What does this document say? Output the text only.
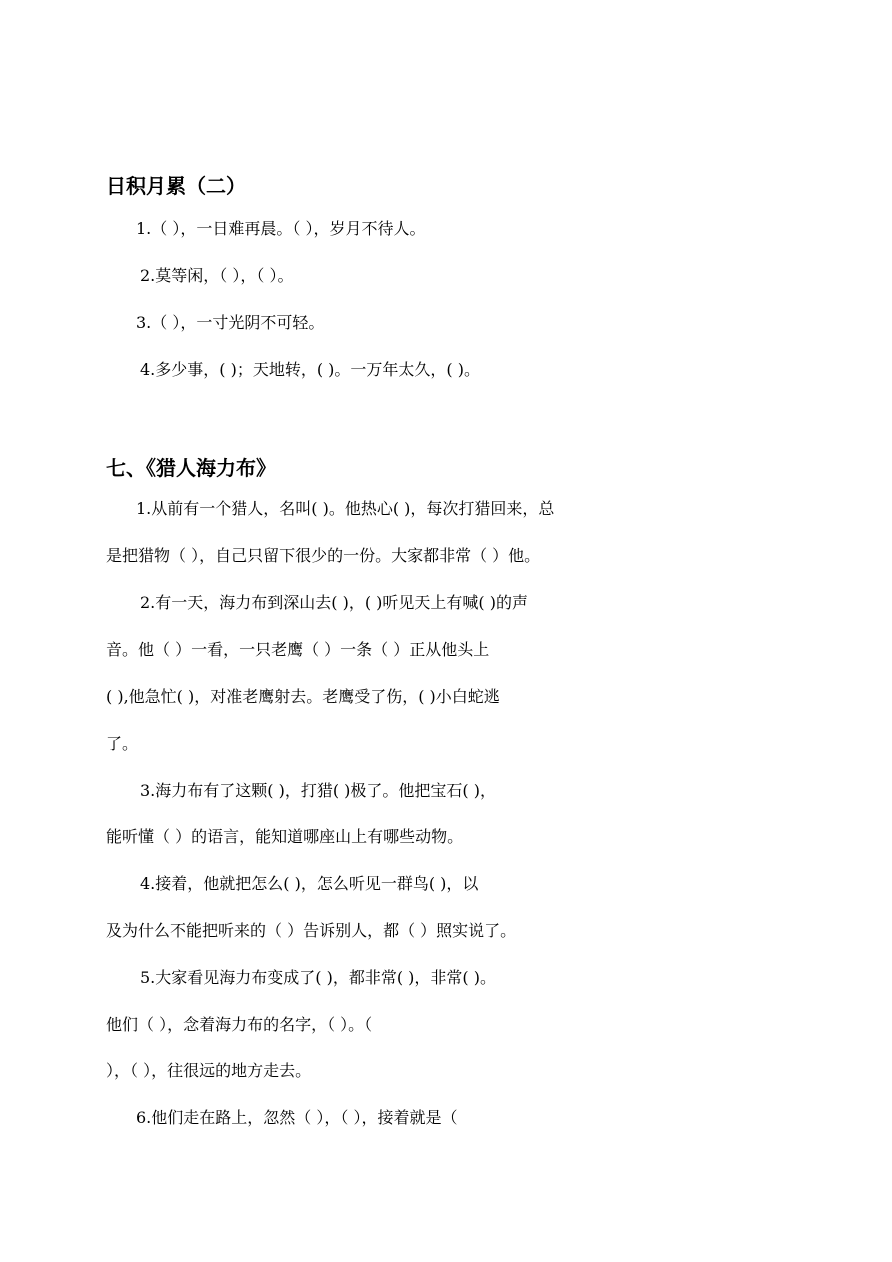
日积月累（二）
1.（ ），一日难再晨。（ ），岁月不待人。
2.莫等闲，（ ），（ ）。
3.（ ），一寸光阴不可轻。
4.多少事，( )；天地转，( )。一万年太久，( )。
七、《猎人海力布》
1.从前有一个猎人，名叫( )。他热心( )，每次打猎回来，总
是把猎物（ ），自己只留下很少的一份。大家都非常（ ）他。
2.有一天，海力布到深山去( )，( )听见天上有喊( )的声
音。他（ ）一看，一只老鹰（ ）一条（ ）正从他头上
( ),他急忙( )，对准老鹰射去。老鹰受了伤，( )小白蛇逃
了。
3.海力布有了这颗( )，打猎( )极了。他把宝石( )，
能听懂（ ）的语言，能知道哪座山上有哪些动物。
4.接着，他就把怎么( )，怎么听见一群鸟( )，以
及为什么不能把听来的（ ）告诉别人，都（ ）照实说了。
5.大家看见海力布变成了( )，都非常( )，非常( )。
他们（ ），念着海力布的名字，（ ）。（
），（ ），往很远的地方走去。
6.他们走在路上，忽然（ ），（ ），接着就是（
